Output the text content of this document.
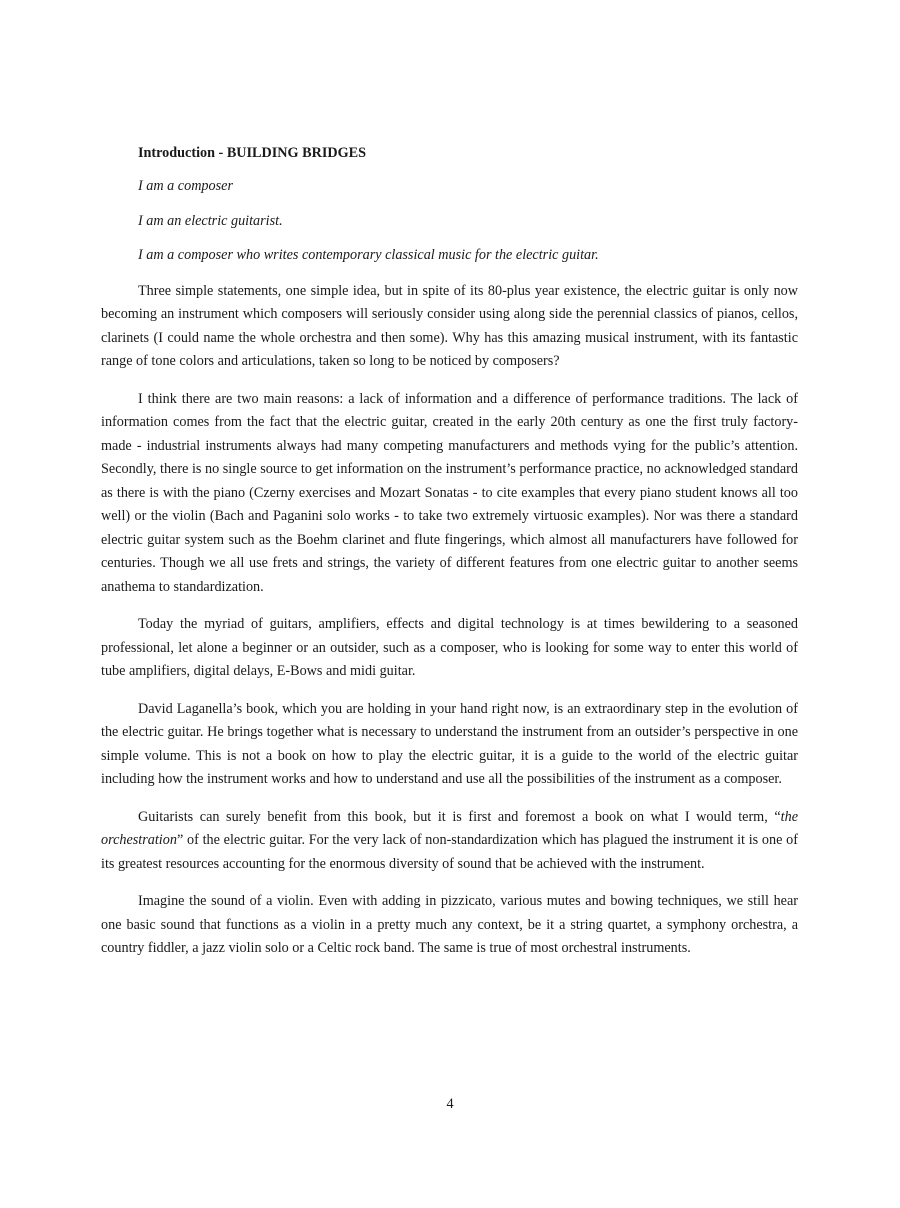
Introduction - BUILDING BRIDGES

I am a composer

I am an electric guitarist.

I am a composer who writes contemporary classical music for the electric guitar.

Three simple statements, one simple idea, but in spite of its 80-plus year existence, the electric guitar is only now becoming an instrument which composers will seriously consider using along side the perennial classics of pianos, cellos, clarinets (I could name the whole orchestra and then some). Why has this amazing musical instrument, with its fantastic range of tone colors and articulations, taken so long to be noticed by composers?

I think there are two main reasons: a lack of information and a difference of performance traditions. The lack of information comes from the fact that the electric guitar, created in the early 20th century as one the first truly factory-made - industrial instruments always had many competing manufacturers and methods vying for the public’s attention. Secondly, there is no single source to get information on the instrument’s performance practice, no acknowledged standard as there is with the piano (Czerny exercises and Mozart Sonatas - to cite examples that every piano student knows all too well) or the violin (Bach and Paganini solo works - to take two extremely virtuosic examples). Nor was there a standard electric guitar system such as the Boehm clarinet and flute fingerings, which almost all manufacturers have followed for centuries. Though we all use frets and strings, the variety of different features from one electric guitar to another seems anathema to standardization.

Today the myriad of guitars, amplifiers, effects and digital technology is at times bewildering to a seasoned professional, let alone a beginner or an outsider, such as a composer, who is looking for some way to enter this world of tube amplifiers, digital delays, E-Bows and midi guitar.

David Laganella’s book, which you are holding in your hand right now, is an extraordinary step in the evolution of the electric guitar. He brings together what is necessary to understand the instrument from an outsider’s perspective in one simple volume. This is not a book on how to play the electric guitar, it is a guide to the world of the electric guitar including how the instrument works and how to understand and use all the possibilities of the instrument as a composer.

Guitarists can surely benefit from this book, but it is first and foremost a book on what I would term, “the orchestration” of the electric guitar. For the very lack of non-standardization which has plagued the instrument it is one of its greatest resources accounting for the enormous diversity of sound that be achieved with the instrument.

Imagine the sound of a violin. Even with adding in pizzicato, various mutes and bowing techniques, we still hear one basic sound that functions as a violin in a pretty much any context, be it a string quartet, a symphony orchestra, a country fiddler, a jazz violin solo or a Celtic rock band. The same is true of most orchestral instruments.

4
